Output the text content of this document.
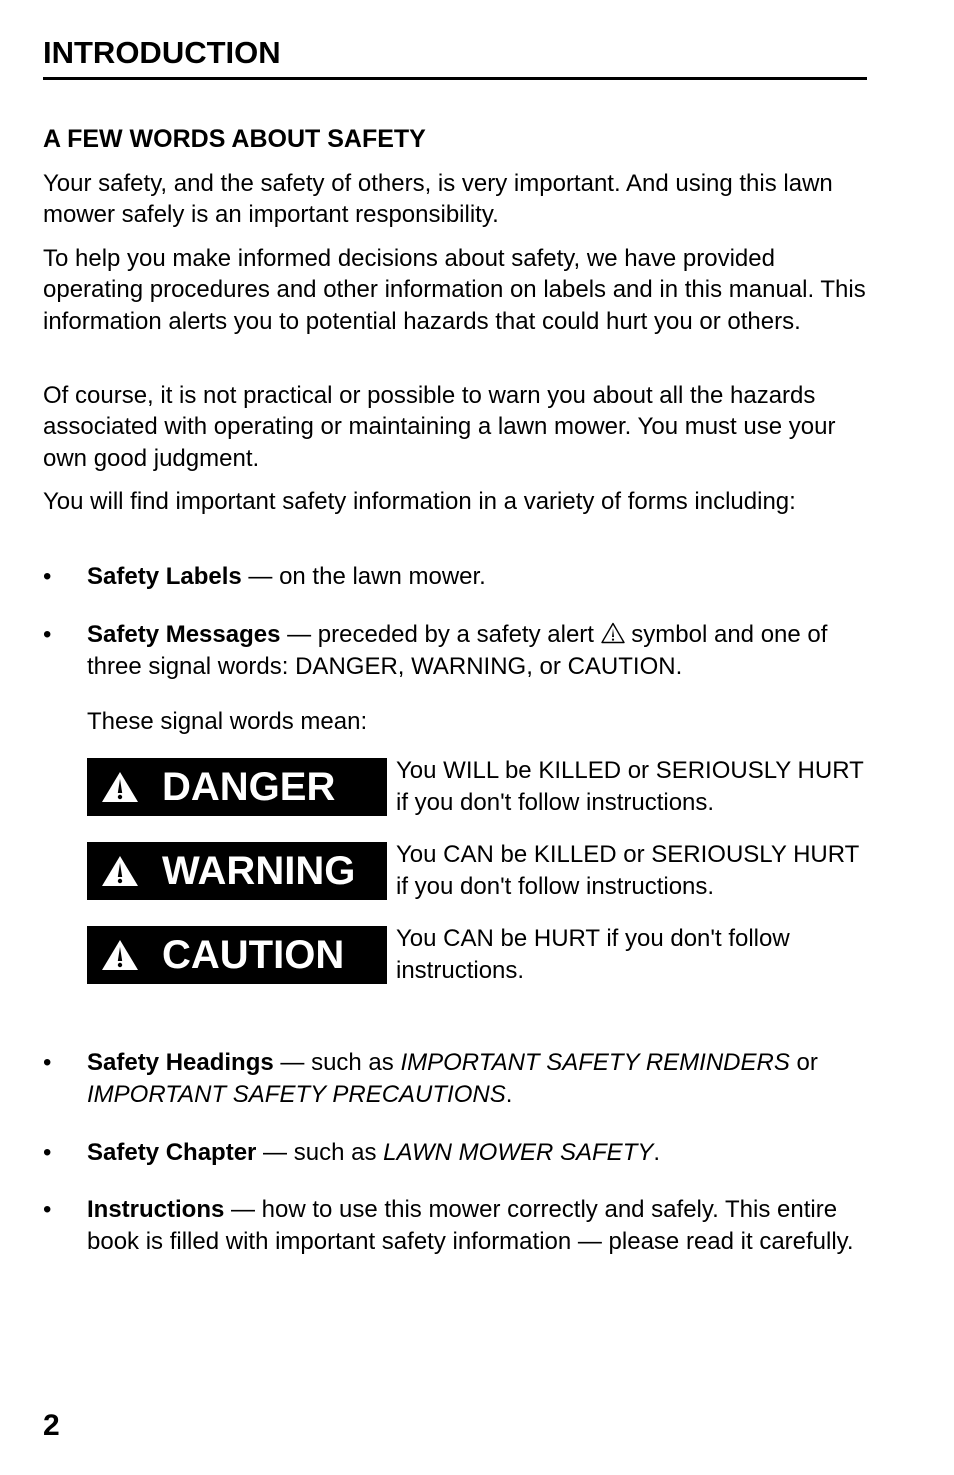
INTRODUCTION
A FEW WORDS ABOUT SAFETY

Your safety, and the safety of others, is very important. And using this lawn mower safely is an important responsibility.

To help you make informed decisions about safety, we have provided operating procedures and other information on labels and in this manual. This information alerts you to potential hazards that could hurt you or others.

Of course, it is not practical or possible to warn you about all the hazards associated with operating or maintaining a lawn mower. You must use your own good judgment.

You will find important safety information in a variety of forms including:

• Safety Labels — on the lawn mower.
• Safety Messages — preceded by a safety alert  symbol and one of three signal words: DANGER, WARNING, or CAUTION.
These signal words mean:
DANGER	You WILL be KILLED or SERIOUSLY HURT if you don't follow instructions.
WARNING You CAN be KILLED or SERIOUSLY HURT if you don't follow instructions.
CAUTION You CAN be HURT if you don't follow instructions.
• Safety Headings — such as IMPORTANT SAFETY REMINDERS or IMPORTANT SAFETY PRECAUTIONS.
• Safety Chapter — such as LAWN MOWER SAFETY.
• Instructions — how to use this mower correctly and safely. This entire book is filled with important safety information — please read it carefully.
2
